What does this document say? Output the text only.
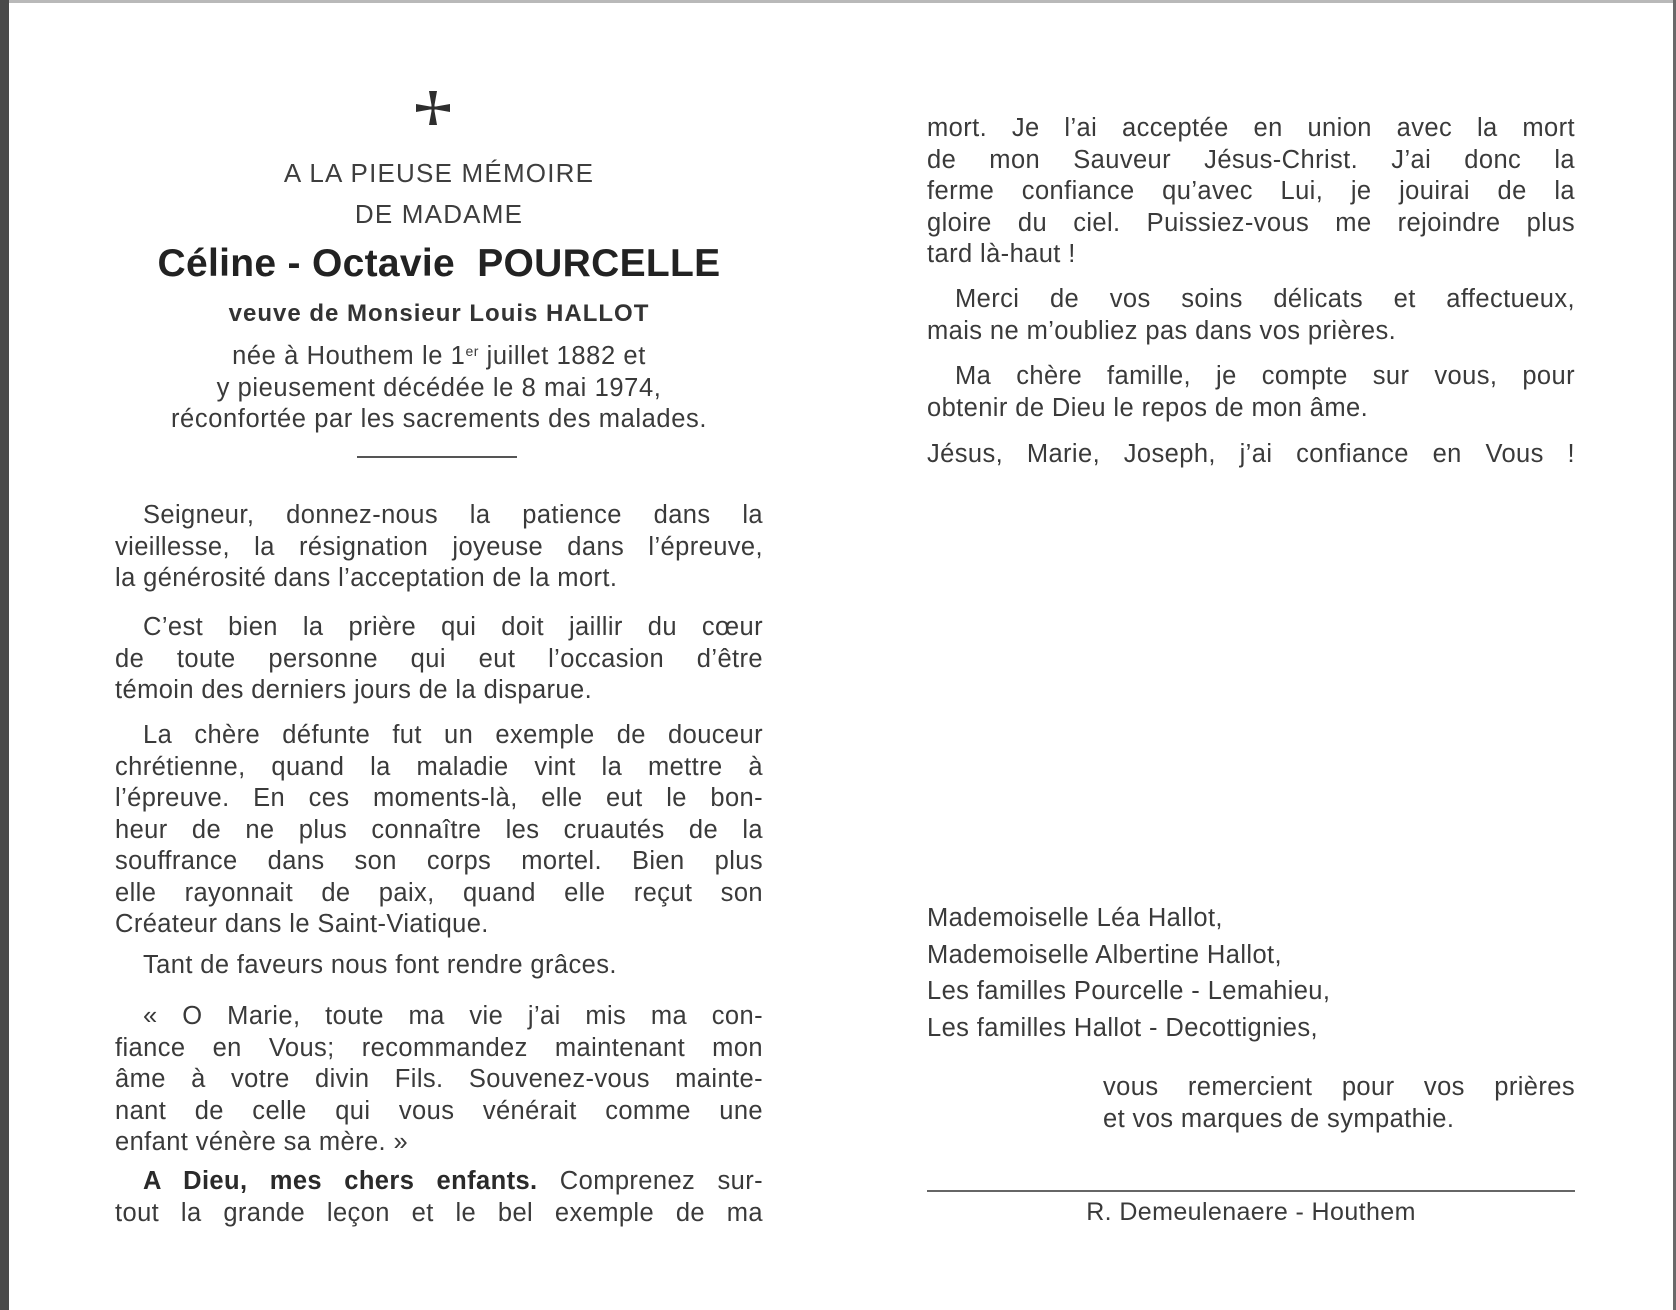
A LA PIEUSE MÉMOIRE
DE MADAME
Céline - Octavie  POURCELLE
veuve de Monsieur Louis HALLOT
née à Houthem le 1er juillet 1882 et
y pieusement décédée le 8 mai 1974,
réconfortée par les sacrements des malades.
Seigneur, donnez-nous la patience dans la
vieillesse, la résignation joyeuse dans l’épreuve,
la générosité dans l’acceptation de la mort.
C’est bien la prière qui doit jaillir du cœur
de toute personne qui eut l’occasion d’être
témoin des derniers jours de la disparue.
La chère défunte fut un exemple de douceur
chrétienne, quand la maladie vint la mettre à
l’épreuve. En ces moments-là, elle eut le bon-
heur de ne plus connaître les cruautés de la
souffrance dans son corps mortel. Bien plus
elle rayonnait de paix, quand elle reçut son
Créateur dans le Saint-Viatique.
Tant de faveurs nous font rendre grâces.
« O Marie, toute ma vie j’ai mis ma con-
fiance en Vous; recommandez maintenant mon
âme à votre divin Fils. Souvenez-vous mainte-
nant de celle qui vous vénérait comme une
enfant vénère sa mère. »
A Dieu, mes chers enfants. Comprenez sur-
tout la grande leçon et le bel exemple de ma
mort. Je l’ai acceptée en union avec la mort
de mon Sauveur Jésus-Christ. J’ai donc la
ferme confiance qu’avec Lui, je jouirai de la
gloire du ciel. Puissiez-vous me rejoindre plus
tard là-haut !
Merci de vos soins délicats et affectueux,
mais ne m’oubliez pas dans vos prières.
Ma chère famille, je compte sur vous, pour
obtenir de Dieu le repos de mon âme.
Jésus, Marie, Joseph, j’ai confiance en Vous !
Mademoiselle Léa Hallot,
Mademoiselle Albertine Hallot,
Les familles Pourcelle - Lemahieu,
Les familles Hallot - Decottignies,
vous remercient pour vos prières
et vos marques de sympathie.
R. Demeulenaere - Houthem
